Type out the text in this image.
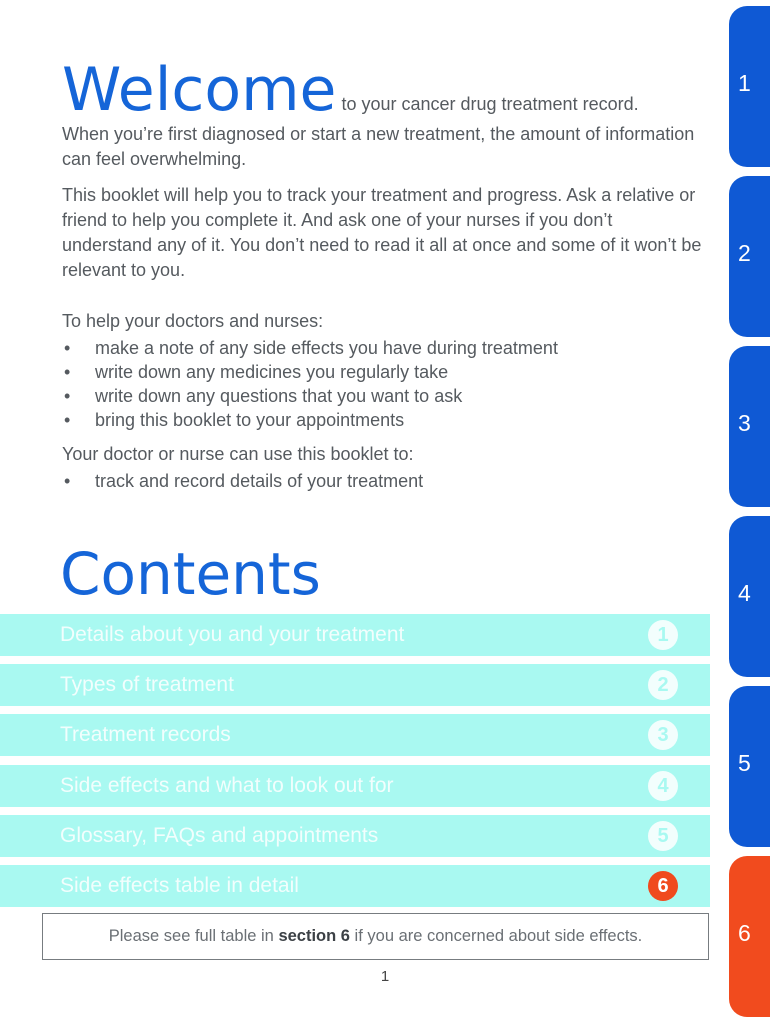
Welcome to your cancer drug treatment record.

When you’re first diagnosed or start a new treatment, the amount of information can feel overwhelming.

This booklet will help you to track your treatment and progress. Ask a relative or friend to help you complete it. And ask one of your nurses if you don’t understand any of it. You don’t need to read it all at once and some of it won’t be relevant to you.

To help your doctors and nurses:

• make a note of any side effects you have during treatment
• write down any medicines you regularly take
• write down any questions that you want to ask
• bring this booklet to your appointments

Your doctor or nurse can use this booklet to:

• track and record details of your treatment
Contents
Details about you and your treatment	1
Types of treatment	2
Treatment records	3
Side effects and what to look out for	4
Glossary, FAQs and appointments	5
Side effects table in detail	6
Please see full table in section 6 if you are concerned about side effects.
1
1
2
3
4
5
6
